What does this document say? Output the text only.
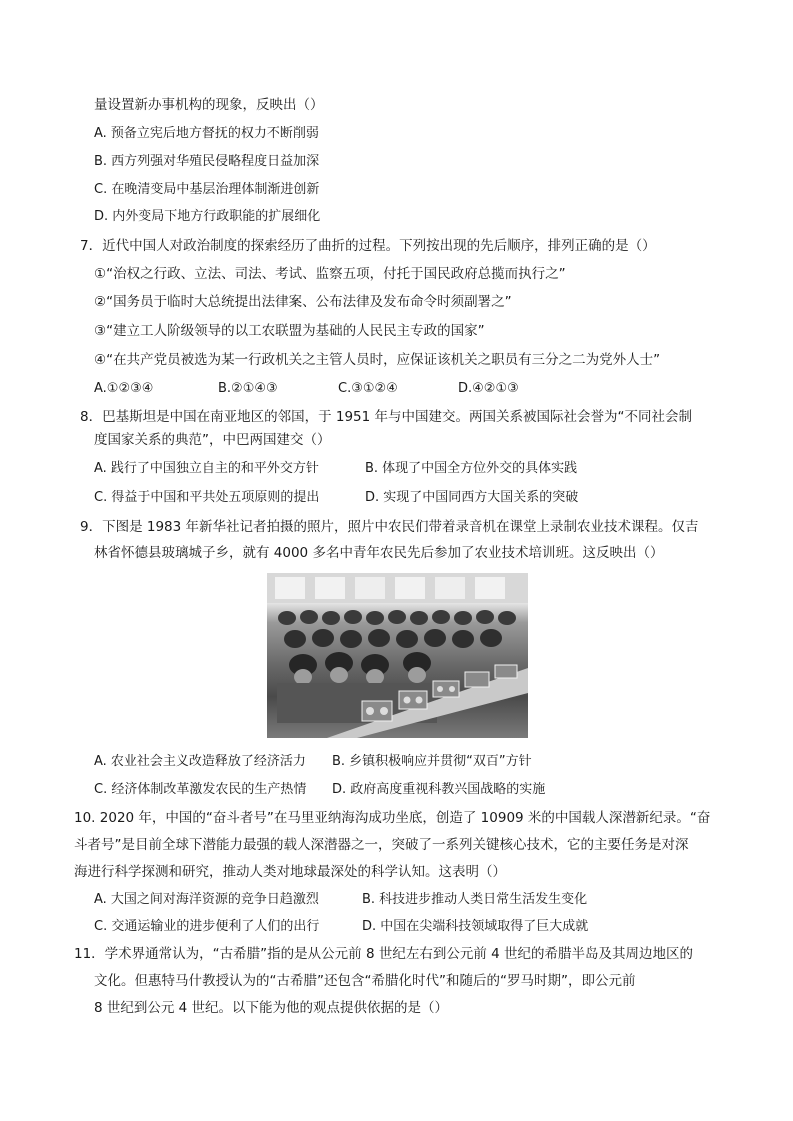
量设置新办事机构的现象，反映出（）
A. 预备立宪后地方督抚的权力不断削弱
B. 西方列强对华殖民侵略程度日益加深
C. 在晚清变局中基层治理体制渐进创新
D. 内外变局下地方行政职能的扩展细化
7．近代中国人对政治制度的探索经历了曲折的过程。下列按出现的先后顺序，排列正确的是（）
①“治权之行政、立法、司法、考试、监察五项，付托于国民政府总揽而执行之”
②“国务员于临时大总统提出法律案、公布法律及发布命令时须副署之”
③“建立工人阶级领导的以工农联盟为基础的人民民主专政的国家”
④“在共产党员被选为某一行政机关之主管人员时，应保证该机关之职员有三分之二为党外人士”
A.①②③④	B.②①④③	C.③①②④	D.④②①③
8．巴基斯坦是中国在南亚地区的邻国，于 1951 年与中国建交。两国关系被国际社会誉为“不同社会制
度国家关系的典范”，中巴两国建交（）
A. 践行了中国独立自主的和平外交方针	B. 体现了中国全方位外交的具体实践
C. 得益于中国和平共处五项原则的提出	D. 实现了中国同西方大国关系的突破
9．下图是 1983 年新华社记者拍摄的照片，照片中农民们带着录音机在课堂上录制农业技术课程。仅吉
林省怀德县玻璃城子乡，就有 4000 多名中青年农民先后参加了农业技术培训班。这反映出（）
A. 农业社会主义改造释放了经济活力 B. 乡镇积极响应并贯彻“双百”方针
C. 经济体制改革激发农民的生产热情 D. 政府高度重视科教兴国战略的实施
10. 2020 年，中国的“奋斗者号”在马里亚纳海沟成功坐底，创造了 10909 米的中国载人深潜新纪录。“奋
斗者号”是目前全球下潜能力最强的载人深潜器之一，突破了一系列关键核心技术，它的主要任务是对深
海进行科学探测和研究，推动人类对地球最深处的科学认知。这表明（）
A. 大国之间对海洋资源的竞争日趋激烈	B. 科技进步推动人类日常生活发生变化
C. 交通运输业的进步便利了人们的出行	D. 中国在尖端科技领域取得了巨大成就
11．学术界通常认为，“古希腊”指的是从公元前 8 世纪左右到公元前 4 世纪的希腊半岛及其周边地区的
文化。但惠特马什教授认为的“古希腊”还包含“希腊化时代”和随后的“罗马时期”，即公元前
8 世纪到公元 4 世纪。以下能为他的观点提供依据的是（）
